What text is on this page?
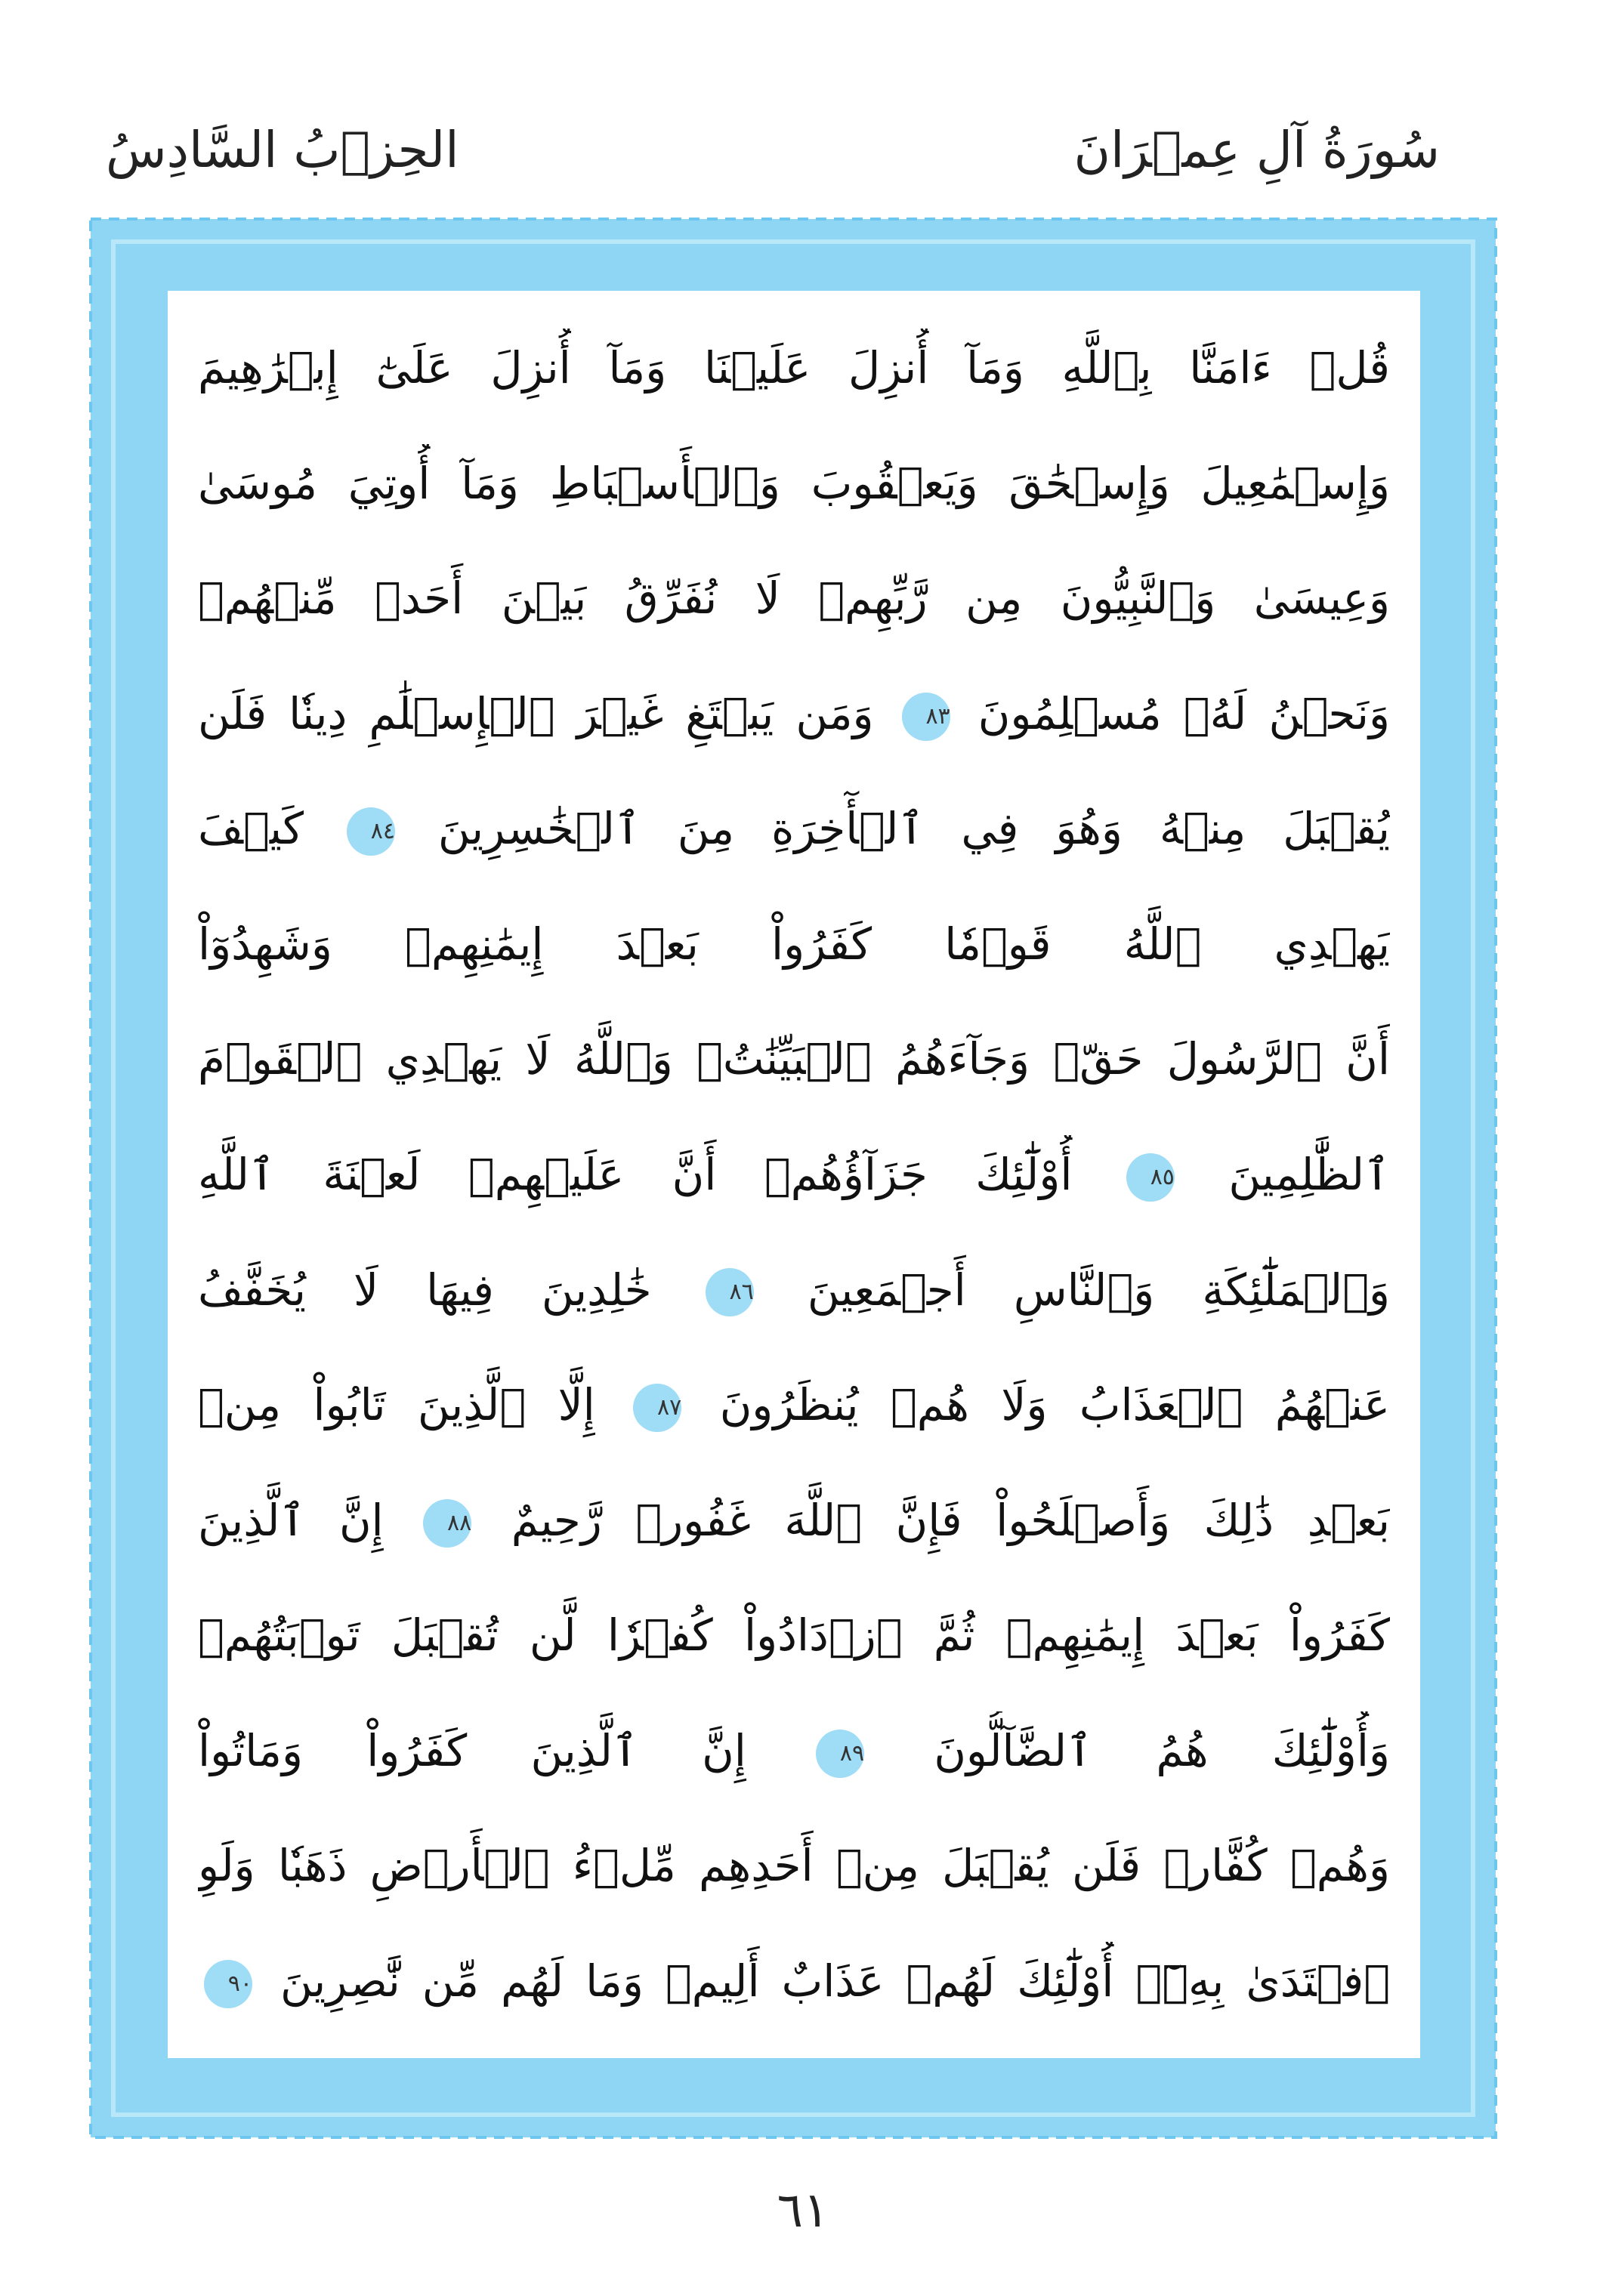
سُورَةُ آلِ عِمۡرَانَ
الحِزۡبُ السَّادِسُ
قُلۡ ءَامَنَّا بِٱللَّهِ وَمَآ أُنزِلَ عَلَيۡنَا وَمَآ أُنزِلَ عَلَىٰٓ إِبۡرَٰهِيمَ
وَإِسۡمَٰعِيلَ وَإِسۡحَٰقَ وَيَعۡقُوبَ وَٱلۡأَسۡبَاطِ وَمَآ أُوتِيَ مُوسَىٰ
وَعِيسَىٰ وَٱلنَّبِيُّونَ مِن رَّبِّهِمۡ لَا نُفَرِّقُ بَيۡنَ أَحَدٖ مِّنۡهُمۡ
وَنَحۡنُ لَهُۥ مُسۡلِمُونَ ٨٣ وَمَن يَبۡتَغِ غَيۡرَ ٱلۡإِسۡلَٰمِ دِينٗا فَلَن
يُقۡبَلَ مِنۡهُ وَهُوَ فِي ٱلۡأٓخِرَةِ مِنَ ٱلۡخَٰسِرِينَ ٨٤ كَيۡفَ
يَهۡدِي ٱللَّهُ قَوۡمٗا كَفَرُواْ بَعۡدَ إِيمَٰنِهِمۡ وَشَهِدُوٓاْ
أَنَّ ٱلرَّسُولَ حَقّٞ وَجَآءَهُمُ ٱلۡبَيِّنَٰتُۚ وَٱللَّهُ لَا يَهۡدِي ٱلۡقَوۡمَ
ٱلظَّٰلِمِينَ ٨٥ أُوْلَٰٓئِكَ جَزَآؤُهُمۡ أَنَّ عَلَيۡهِمۡ لَعۡنَةَ ٱللَّهِ
وَٱلۡمَلَٰٓئِكَةِ وَٱلنَّاسِ أَجۡمَعِينَ ٨٦ خَٰلِدِينَ فِيهَا لَا يُخَفَّفُ
عَنۡهُمُ ٱلۡعَذَابُ وَلَا هُمۡ يُنظَرُونَ ٨٧ إِلَّا ٱلَّذِينَ تَابُواْ مِنۢ
بَعۡدِ ذَٰلِكَ وَأَصۡلَحُواْ فَإِنَّ ٱللَّهَ غَفُورٞ رَّحِيمٌ ٨٨ إِنَّ ٱلَّذِينَ
كَفَرُواْ بَعۡدَ إِيمَٰنِهِمۡ ثُمَّ ٱزۡدَادُواْ كُفۡرٗا لَّن تُقۡبَلَ تَوۡبَتُهُمۡ
وَأُوْلَٰٓئِكَ هُمُ ٱلضَّآلُّونَ ٨٩ إِنَّ ٱلَّذِينَ كَفَرُواْ وَمَاتُواْ
وَهُمۡ كُفَّارٞ فَلَن يُقۡبَلَ مِنۡ أَحَدِهِم مِّلۡءُ ٱلۡأَرۡضِ ذَهَبٗا وَلَوِ
ٱفۡتَدَىٰ بِهِۦٓۗ أُوْلَٰٓئِكَ لَهُمۡ عَذَابٌ أَلِيمٞ وَمَا لَهُم مِّن نَّٰصِرِينَ ٩٠
٦١
